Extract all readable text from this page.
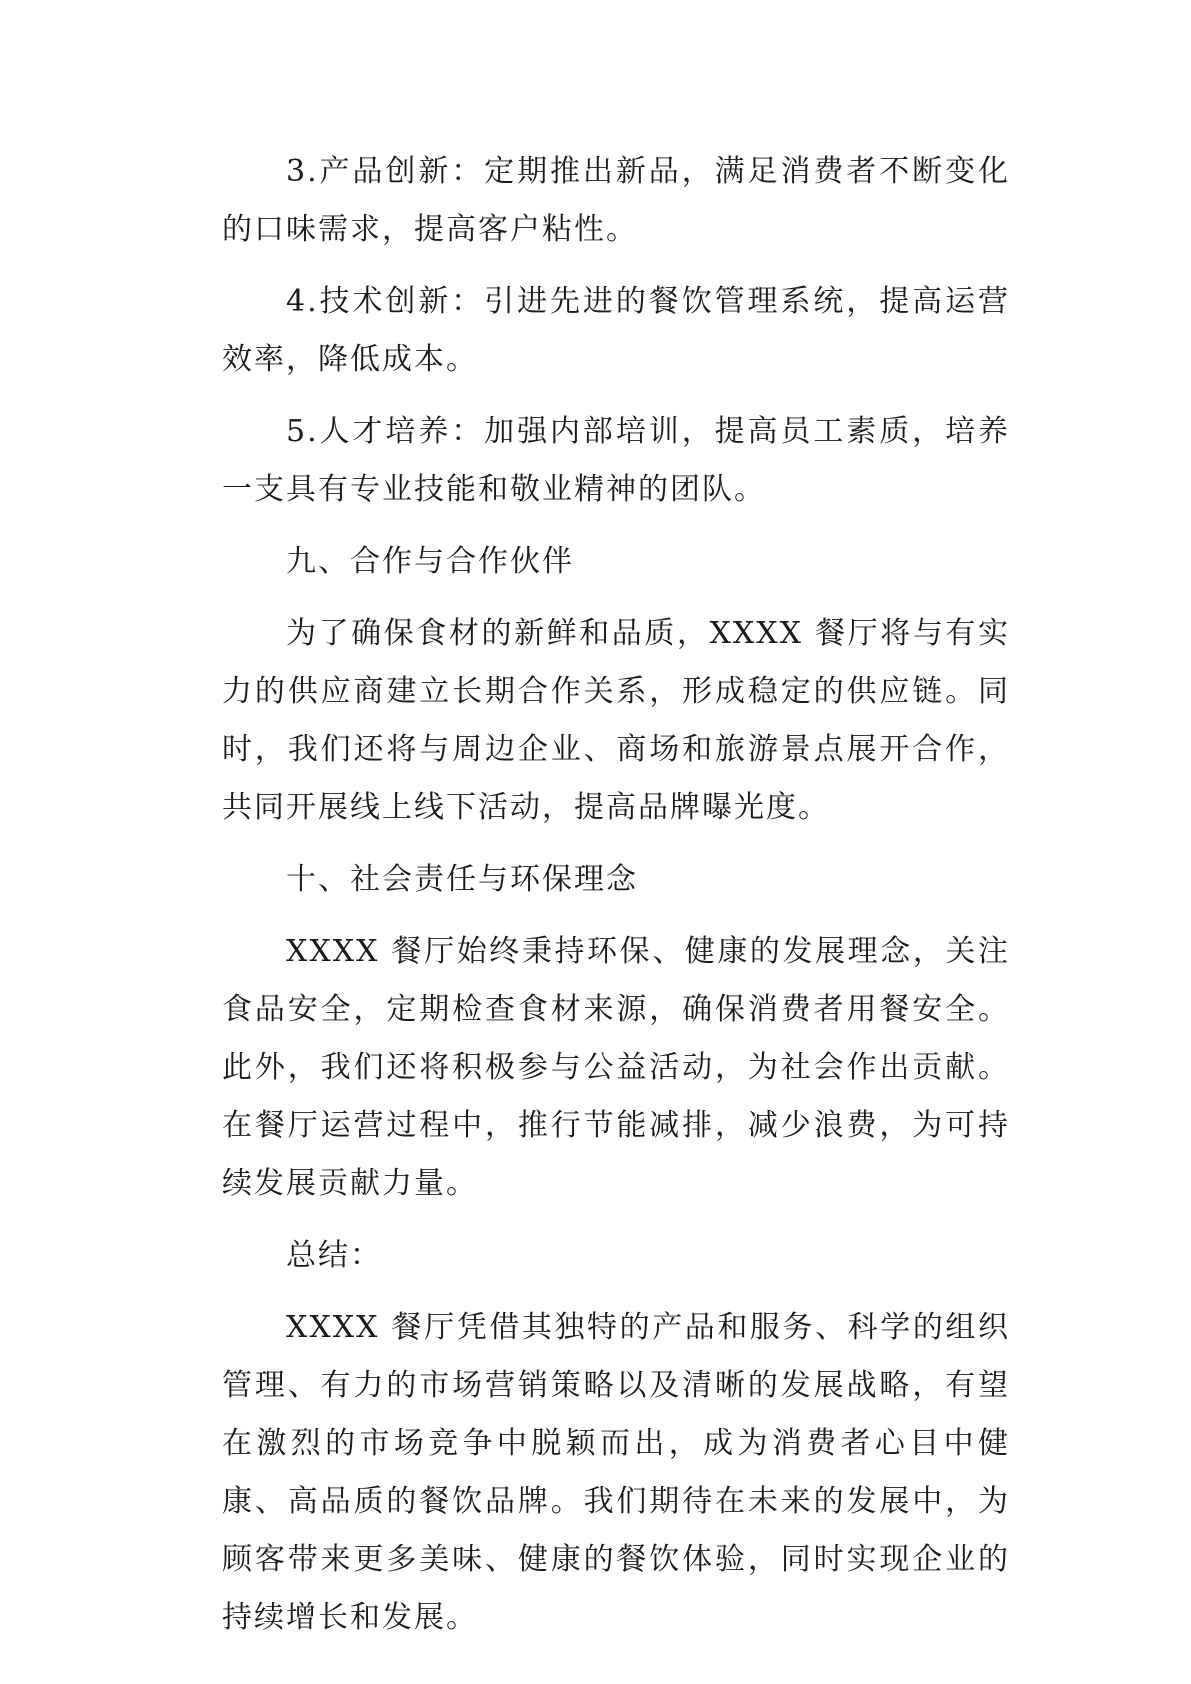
3.产品创新：定期推出新品，满足消费者不断变化的口味需求，提高客户粘性。

4.技术创新：引进先进的餐饮管理系统，提高运营效率，降低成本。

5.人才培养：加强内部培训，提高员工素质，培养一支具有专业技能和敬业精神的团队。

九、合作与合作伙伴

为了确保食材的新鲜和品质，XXXX 餐厅将与有实力的供应商建立长期合作关系，形成稳定的供应链。同时，我们还将与周边企业、商场和旅游景点展开合作，共同开展线上线下活动，提高品牌曝光度。

十、社会责任与环保理念

XXXX 餐厅始终秉持环保、健康的发展理念，关注食品安全，定期检查食材来源，确保消费者用餐安全。此外，我们还将积极参与公益活动，为社会作出贡献。在餐厅运营过程中，推行节能减排，减少浪费，为可持续发展贡献力量。

总结：

XXXX 餐厅凭借其独特的产品和服务、科学的组织管理、有力的市场营销策略以及清晰的发展战略，有望在激烈的市场竞争中脱颖而出，成为消费者心目中健康、高品质的餐饮品牌。我们期待在未来的发展中，为顾客带来更多美味、健康的餐饮体验，同时实现企业的持续增长和发展。
